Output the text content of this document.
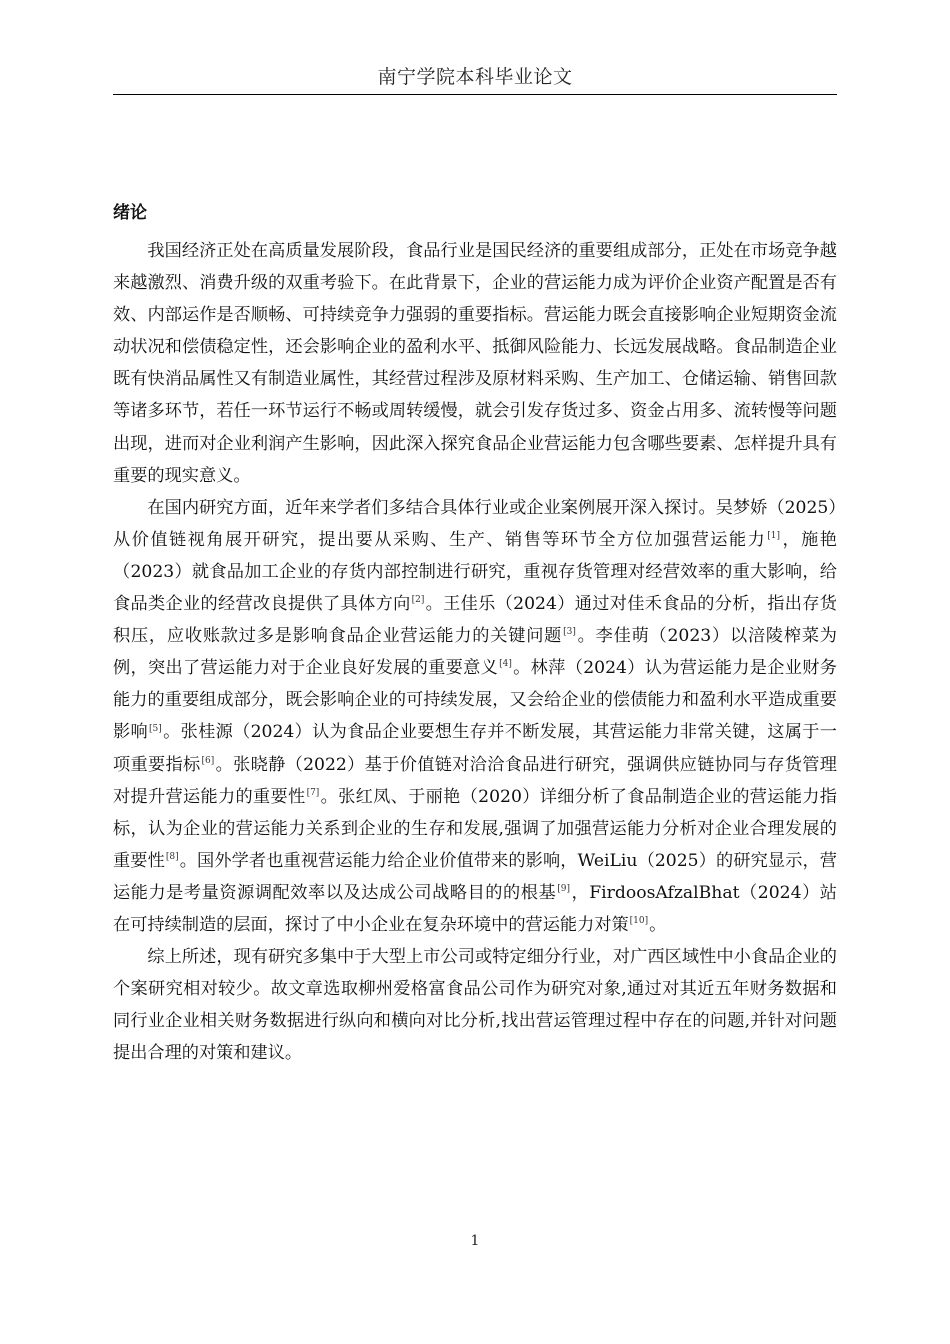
南宁学院本科毕业论文
绪论

我国经济正处在高质量发展阶段，食品行业是国民经济的重要组成部分，正处在市场竞争越来越激烈、消费升级的双重考验下。在此背景下，企业的营运能力成为评价企业资产配置是否有效、内部运作是否顺畅、可持续竞争力强弱的重要指标。营运能力既会直接影响企业短期资金流动状况和偿债稳定性，还会影响企业的盈利水平、抵御风险能力、长远发展战略。食品制造企业既有快消品属性又有制造业属性，其经营过程涉及原材料采购、生产加工、仓储运输、销售回款等诸多环节，若任一环节运行不畅或周转缓慢，就会引发存货过多、资金占用多、流转慢等问题出现，进而对企业利润产生影响，因此深入探究食品企业营运能力包含哪些要素、怎样提升具有重要的现实意义。

在国内研究方面，近年来学者们多结合具体行业或企业案例展开深入探讨。吴梦娇（2025）从价值链视角展开研究，提出要从采购、生产、销售等环节全方位加强营运能力[1]，施艳（2023）就食品加工企业的存货内部控制进行研究，重视存货管理对经营效率的重大影响，给食品类企业的经营改良提供了具体方向[2]。王佳乐（2024）通过对佳禾食品的分析，指出存货积压，应收账款过多是影响食品企业营运能力的关键问题[3]。李佳萌（2023）以涪陵榨菜为例，突出了营运能力对于企业良好发展的重要意义[4]。林萍（2024）认为营运能力是企业财务能力的重要组成部分，既会影响企业的可持续发展，又会给企业的偿债能力和盈利水平造成重要影响[5]。张桂源（2024）认为食品企业要想生存并不断发展，其营运能力非常关键，这属于一项重要指标[6]。张晓静（2022）基于价值链对洽洽食品进行研究，强调供应链协同与存货管理对提升营运能力的重要性[7]。张红凤、于丽艳（2020）详细分析了食品制造企业的营运能力指标，认为企业的营运能力关系到企业的生存和发展,强调了加强营运能力分析对企业合理发展的重要性[8]。国外学者也重视营运能力给企业价值带来的影响，WeiLiu（2025）的研究显示，营运能力是考量资源调配效率以及达成公司战略目的的根基[9]，FirdoosAfzalBhat（2024）站在可持续制造的层面，探讨了中小企业在复杂环境中的营运能力对策[10]。

综上所述，现有研究多集中于大型上市公司或特定细分行业，对广西区域性中小食品企业的个案研究相对较少。故文章选取柳州爱格富食品公司作为研究对象,通过对其近五年财务数据和同行业企业相关财务数据进行纵向和横向对比分析,找出营运管理过程中存在的问题,并针对问题提出合理的对策和建议。

1
